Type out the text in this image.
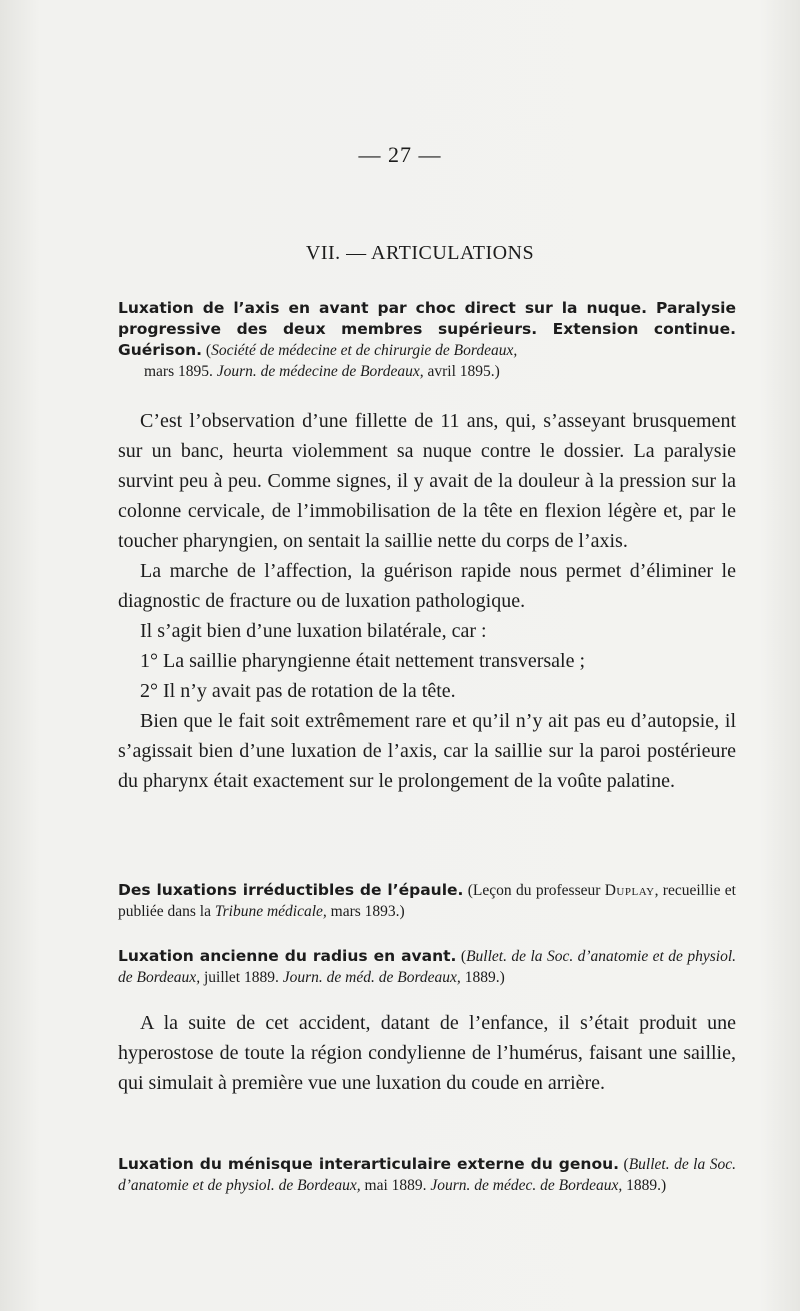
— 27 —
VII. — ARTICULATIONS
Luxation de l’axis en avant par choc direct sur la nuque. Paralysie progressive des deux membres supérieurs. Extension continue. Guérison. (Société de médecine et de chirurgie de Bordeaux,
mars 1895. Journ. de médecine de Bordeaux, avril 1895.)

C’est l’observation d’une fillette de 11 ans, qui, s’asseyant brusquement sur un banc, heurta violemment sa nuque contre le dossier. La paralysie survint peu à peu. Comme signes, il y avait de la douleur à la pression sur la colonne cervicale, de l’immobilisation de la tête en flexion légère et, par le toucher pharyngien, on sentait la saillie nette du corps de l’axis.

La marche de l’affection, la guérison rapide nous permet d’éliminer le diagnostic de fracture ou de luxation pathologique.

Il s’agit bien d’une luxation bilatérale, car :

1° La saillie pharyngienne était nettement transversale ;

2° Il n’y avait pas de rotation de la tête.

Bien que le fait soit extrêmement rare et qu’il n’y ait pas eu d’autopsie, il s’agissait bien d’une luxation de l’axis, car la saillie sur la paroi postérieure du pharynx était exactement sur le prolongement de la voûte palatine.

Des luxations irréductibles de l’épaule. (Leçon du professeur Duplay, recueillie et publiée dans la Tribune médicale, mars 1893.)
Luxation ancienne du radius en avant. (Bullet. de la Soc. d’anatomie et de physiol. de Bordeaux, juillet 1889. Journ. de méd. de Bordeaux, 1889.)

A la suite de cet accident, datant de l’enfance, il s’était produit une hyperostose de toute la région condylienne de l’humérus, faisant une saillie, qui simulait à première vue une luxation du coude en arrière.

Luxation du ménisque interarticulaire externe du genou. (Bullet. de la Soc. d’anatomie et de physiol. de Bordeaux, mai 1889. Journ. de médec. de Bordeaux, 1889.)
